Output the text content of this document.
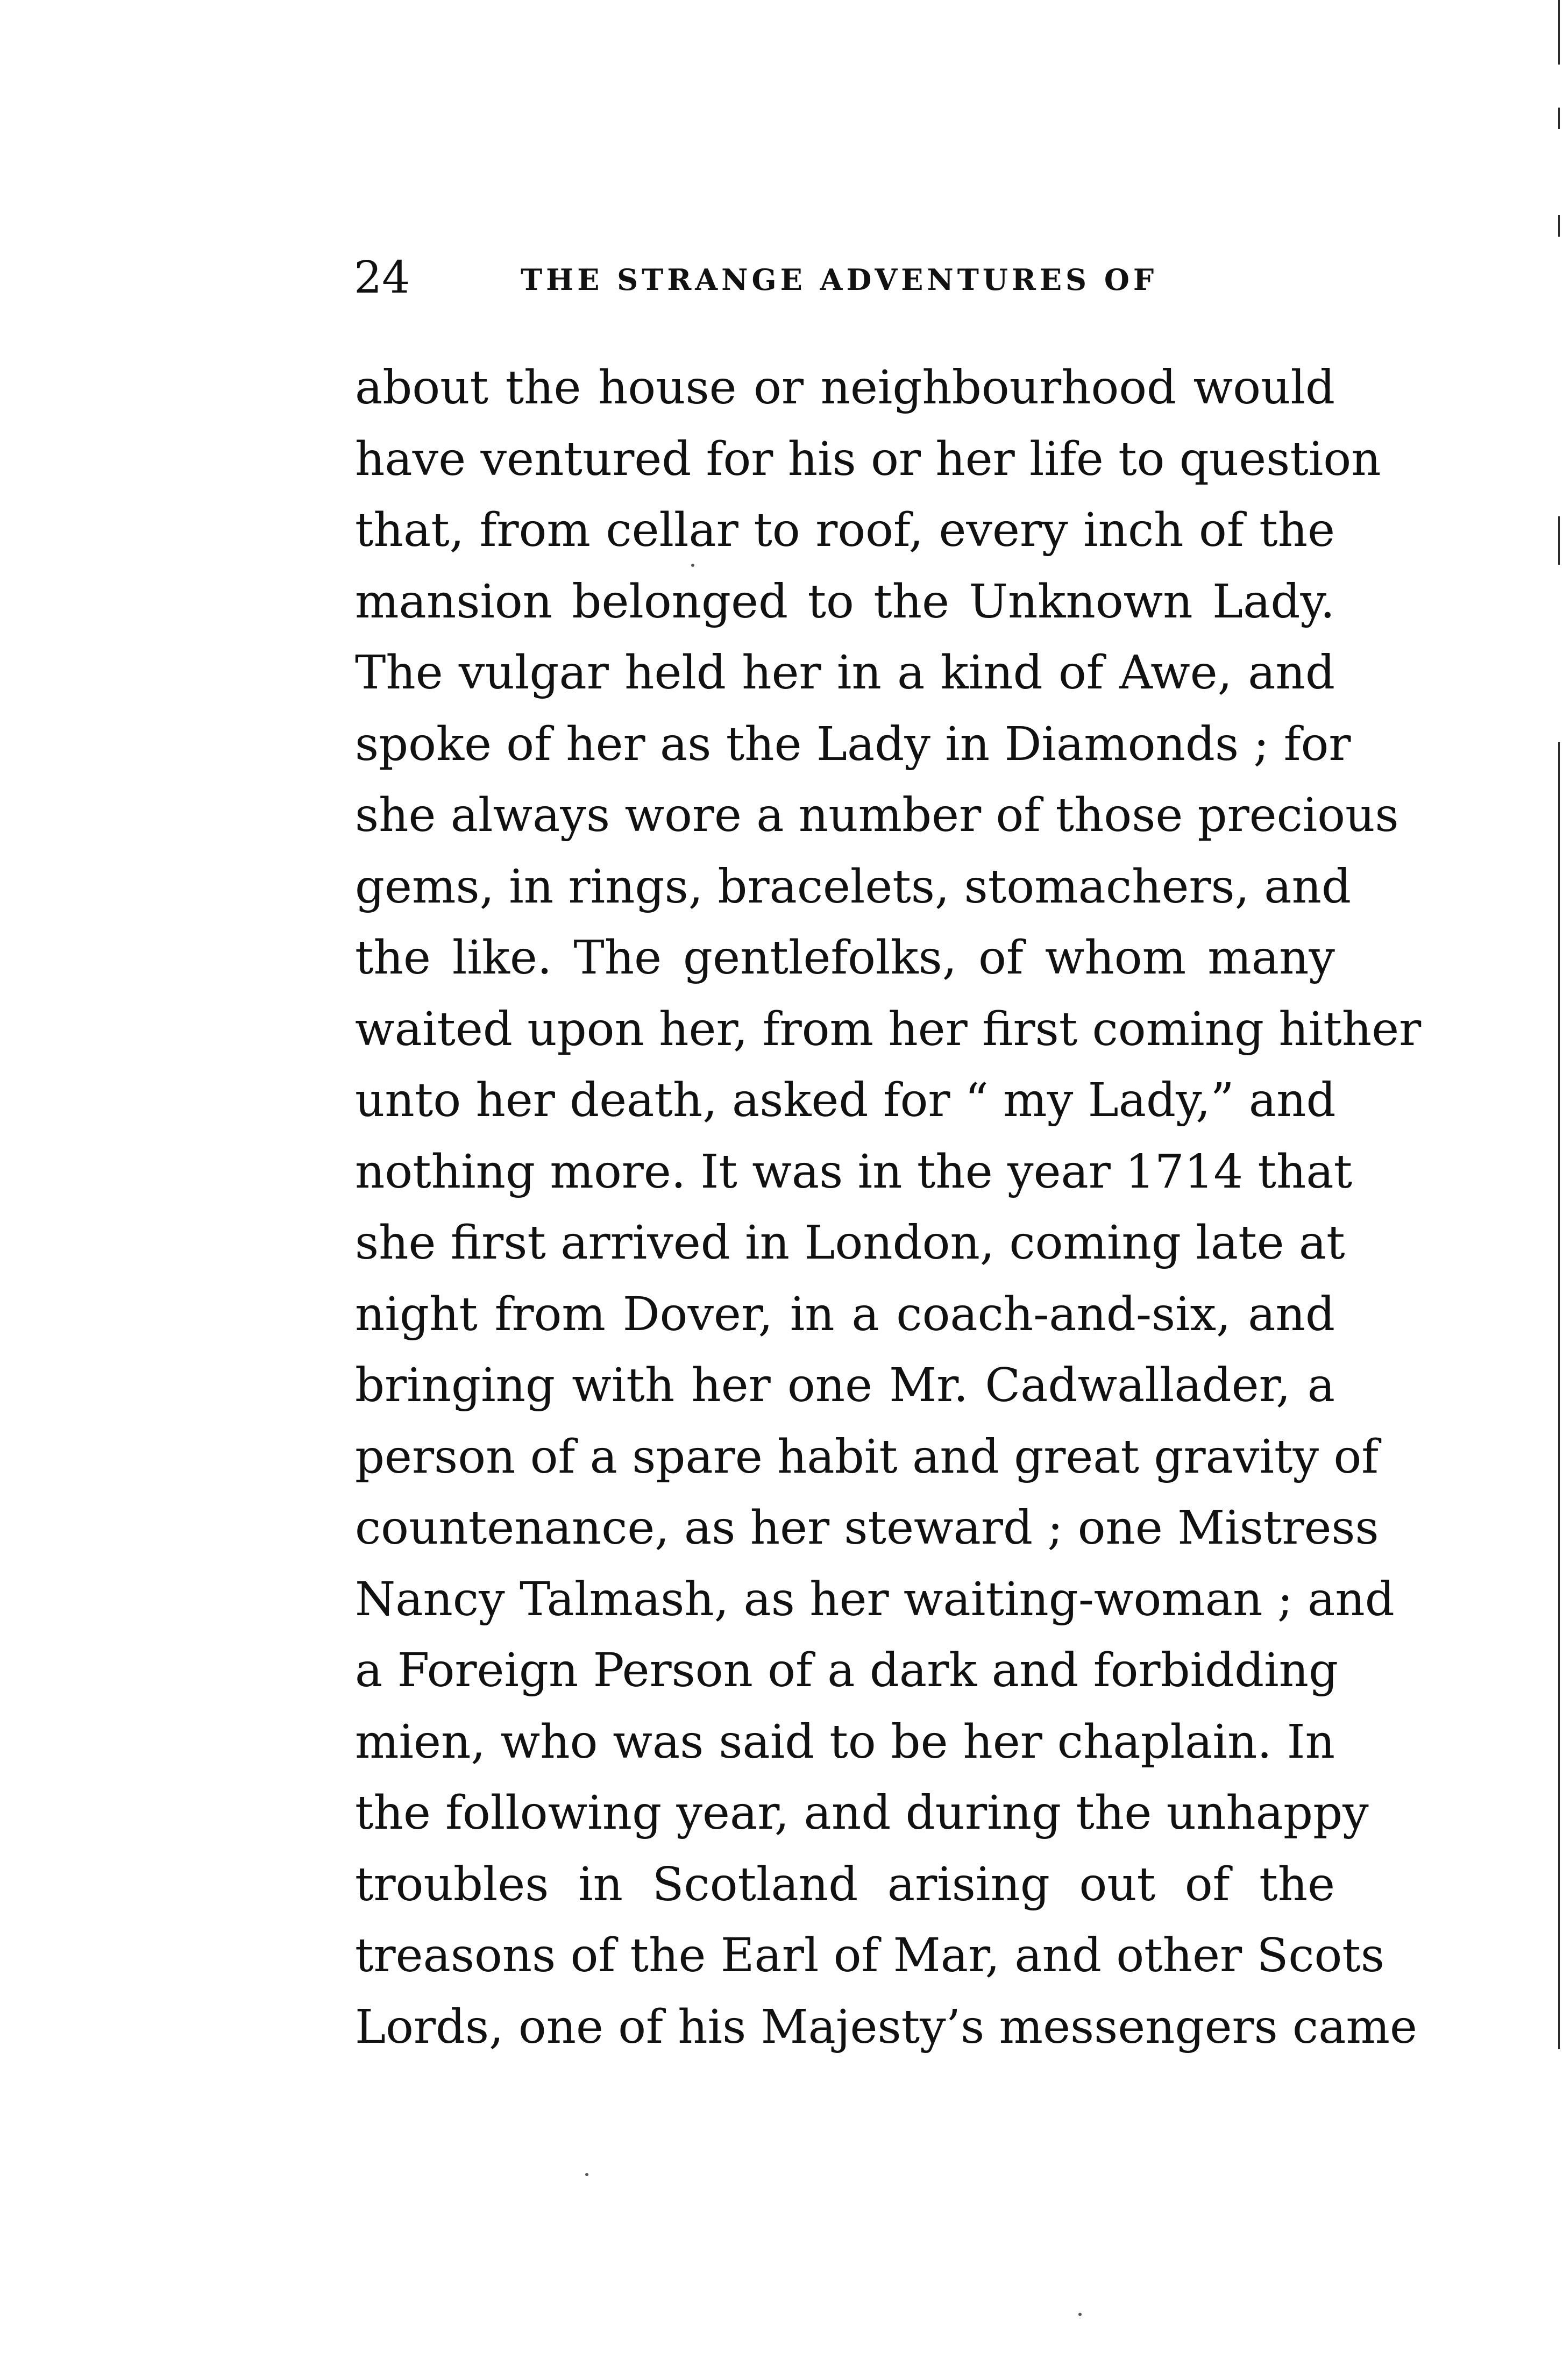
24	THE STRANGE ADVENTURES OF
about the house or neighbourhood would
have ventured for his or her life to question
that, from cellar to roof, every inch of the
mansion belonged to the Unknown Lady.
The vulgar held her in a kind of Awe, and
spoke of her as the Lady in Diamonds ; for
she always wore a number of those precious
gems, in rings, bracelets, stomachers, and
the like. The gentlefolks, of whom many
waited upon her, from her first coming hither
unto her death, asked for “ my Lady,” and
nothing more. It was in the year 1714 that
she first arrived in London, coming late at
night from Dover, in a coach-and-six, and
bringing with her one Mr. Cadwallader, a
person of a spare habit and great gravity of
countenance, as her steward ; one Mistress
Nancy Talmash, as her waiting-woman ; and
a Foreign Person of a dark and forbidding
mien, who was said to be her chaplain. In
the following year, and during the unhappy
troubles in Scotland arising out of the
treasons of the Earl of Mar, and other Scots
Lords, one of his Majesty’s messengers came
